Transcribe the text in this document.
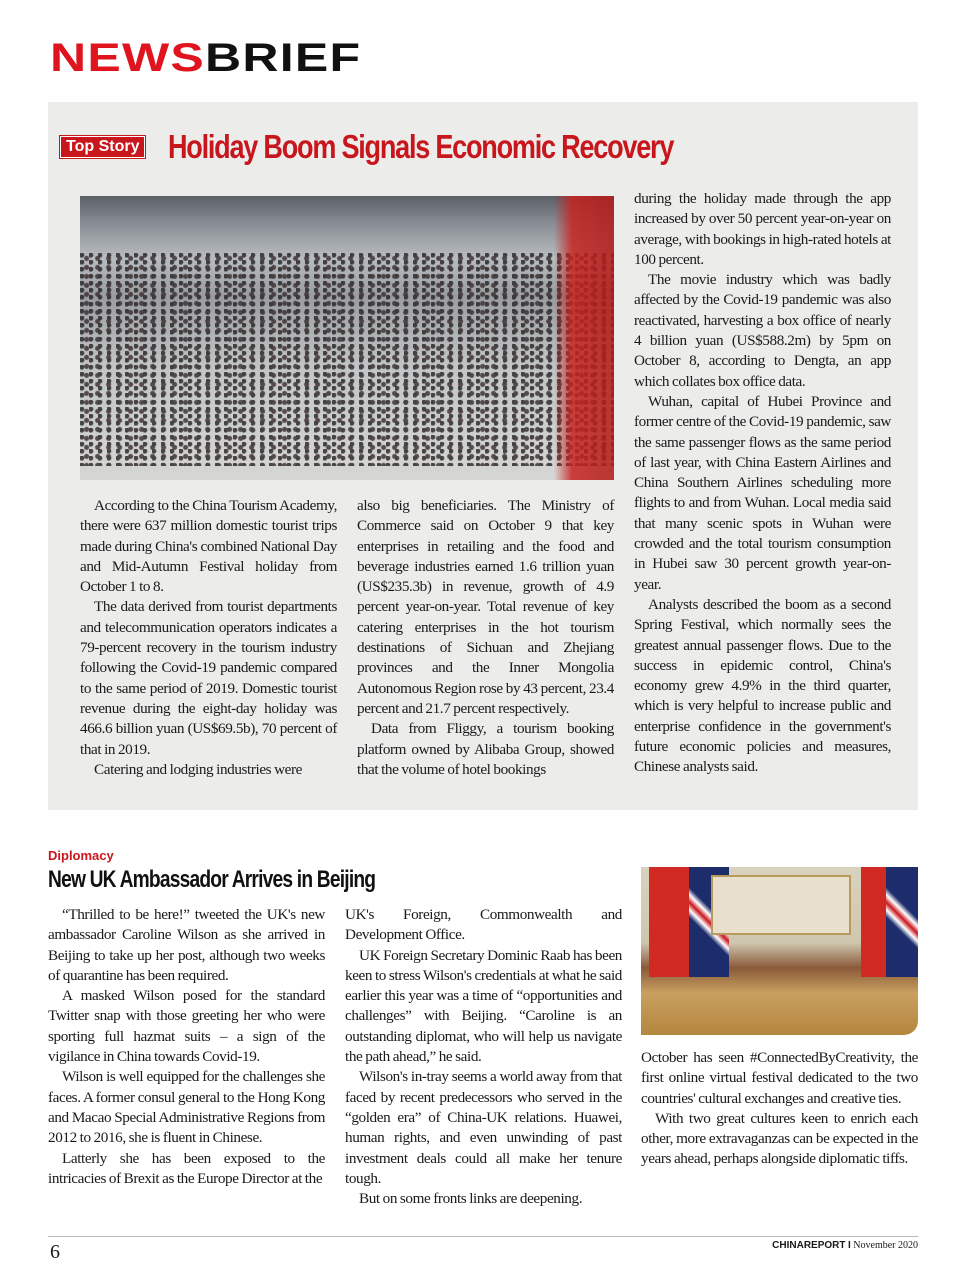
NEWSBRIEF
Top Story Holiday Boom Signals Economic Recovery

According to the China Tourism Academy, there were 637 million domestic tourist trips made during China's combined National Day and Mid-Autumn Festival holiday from October 1 to 8.

The data derived from tourist departments and telecommunication operators indicates a 79-percent recovery in the tourism industry following the Covid-19 pandemic compared to the same period of 2019. Domestic tourist revenue during the eight-day holiday was 466.6 billion yuan (US$69.5b), 70 percent of that in 2019.

Catering and lodging industries were

also big beneficiaries. The Ministry of Commerce said on October 9 that key enterprises in retailing and the food and beverage industries earned 1.6 trillion yuan (US$235.3b) in revenue, growth of 4.9 percent year-on-year. Total revenue of key catering enterprises in the hot tourism destinations of Sichuan and Zhejiang provinces and the Inner Mongolia Autonomous Region rose by 43 percent, 23.4 percent and 21.7 percent respectively.

Data from Fliggy, a tourism booking platform owned by Alibaba Group, showed that the volume of hotel bookings

during the holiday made through the app increased by over 50 percent year-on-year on average, with bookings in high-rated hotels at 100 percent.

The movie industry which was badly affected by the Covid-19 pandemic was also reactivated, harvesting a box office of nearly 4 billion yuan (US$588.2m) by 5pm on October 8, according to Dengta, an app which collates box office data.

Wuhan, capital of Hubei Province and former centre of the Covid-19 pandemic, saw the same passenger flows as the same period of last year, with China Eastern Airlines and China Southern Airlines scheduling more flights to and from Wuhan. Local media said that many scenic spots in Wuhan were crowded and the total tourism consumption in Hubei saw 30 percent growth year-on-year.

Analysts described the boom as a second Spring Festival, which normally sees the greatest annual passenger flows. Due to the success in epidemic control, China's economy grew 4.9% in the third quarter, which is very helpful to increase public and enterprise confidence in the government's future economic policies and measures, Chinese analysts said.

Diplomacy
New UK Ambassador Arrives in Beijing

“Thrilled to be here!” tweeted the UK's new ambassador Caroline Wilson as she arrived in Beijing to take up her post, although two weeks of quarantine has been required.

A masked Wilson posed for the standard Twitter snap with those greeting her who were sporting full hazmat suits – a sign of the vigilance in China towards Covid-19.

Wilson is well equipped for the challenges she faces. A former consul general to the Hong Kong and Macao Special Administrative Regions from 2012 to 2016, she is fluent in Chinese.

Latterly she has been exposed to the intricacies of Brexit as the Europe Director at the

UK's Foreign, Commonwealth and Development Office.

UK Foreign Secretary Dominic Raab has been keen to stress Wilson's credentials at what he said earlier this year was a time of “opportunities and challenges” with Beijing. “Caroline is an outstanding diplomat, who will help us navigate the path ahead,” he said.

Wilson's in-tray seems a world away from that faced by recent predecessors who served in the “golden era” of China-UK relations. Huawei, human rights, and even unwinding of past investment deals could all make her tenure tough.

But on some fronts links are deepening.

October has seen #ConnectedByCreativity, the first online virtual festival dedicated to the two countries' cultural exchanges and creative ties.

With two great cultures keen to enrich each other, more extravaganzas can be expected in the years ahead, perhaps alongside diplomatic tiffs.

6	CHINAREPORT I November 2020
